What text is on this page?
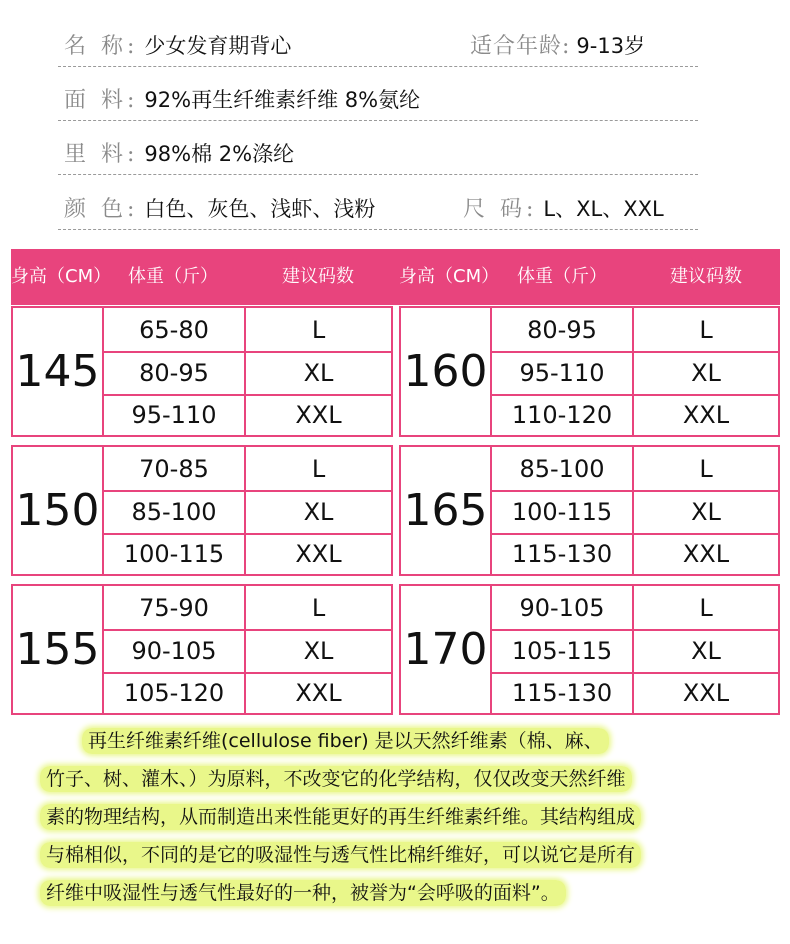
名 称: 少女发育期背心	适合年龄: 9-13岁
面 料: 92%再生纤维素纤维 8%氨纶
里 料: 98%棉 2%涤纶
颜 色: 白色、灰色、浅虾、浅粉	尺 码: L、XL、XXL
身高（CM） 体重（斤）	建议码数	身高（CM） 体重（斤）	建议码数
145
65-80	L
80-95	XL
95-110	XXL
160
80-95	L
95-110	XL
110-120	XXL
150
70-85	L
85-100	XL
100-115	XXL
165
85-100	L
100-115	XL
115-130	XXL
155
75-90	L
90-105	XL
105-120	XXL
170
90-105	L
105-115	XL
115-130	XXL
再生纤维素纤维(cellulose fiber) 是以天然纤维素（棉、麻、
竹子、树、灌木、）为原料，不改变它的化学结构，仅仅改变天然纤维
素的物理结构，从而制造出来性能更好的再生纤维素纤维。其结构组成
与棉相似，不同的是它的吸湿性与透气性比棉纤维好，可以说它是所有
纤维中吸湿性与透气性最好的一种，被誉为“会呼吸的面料”。
